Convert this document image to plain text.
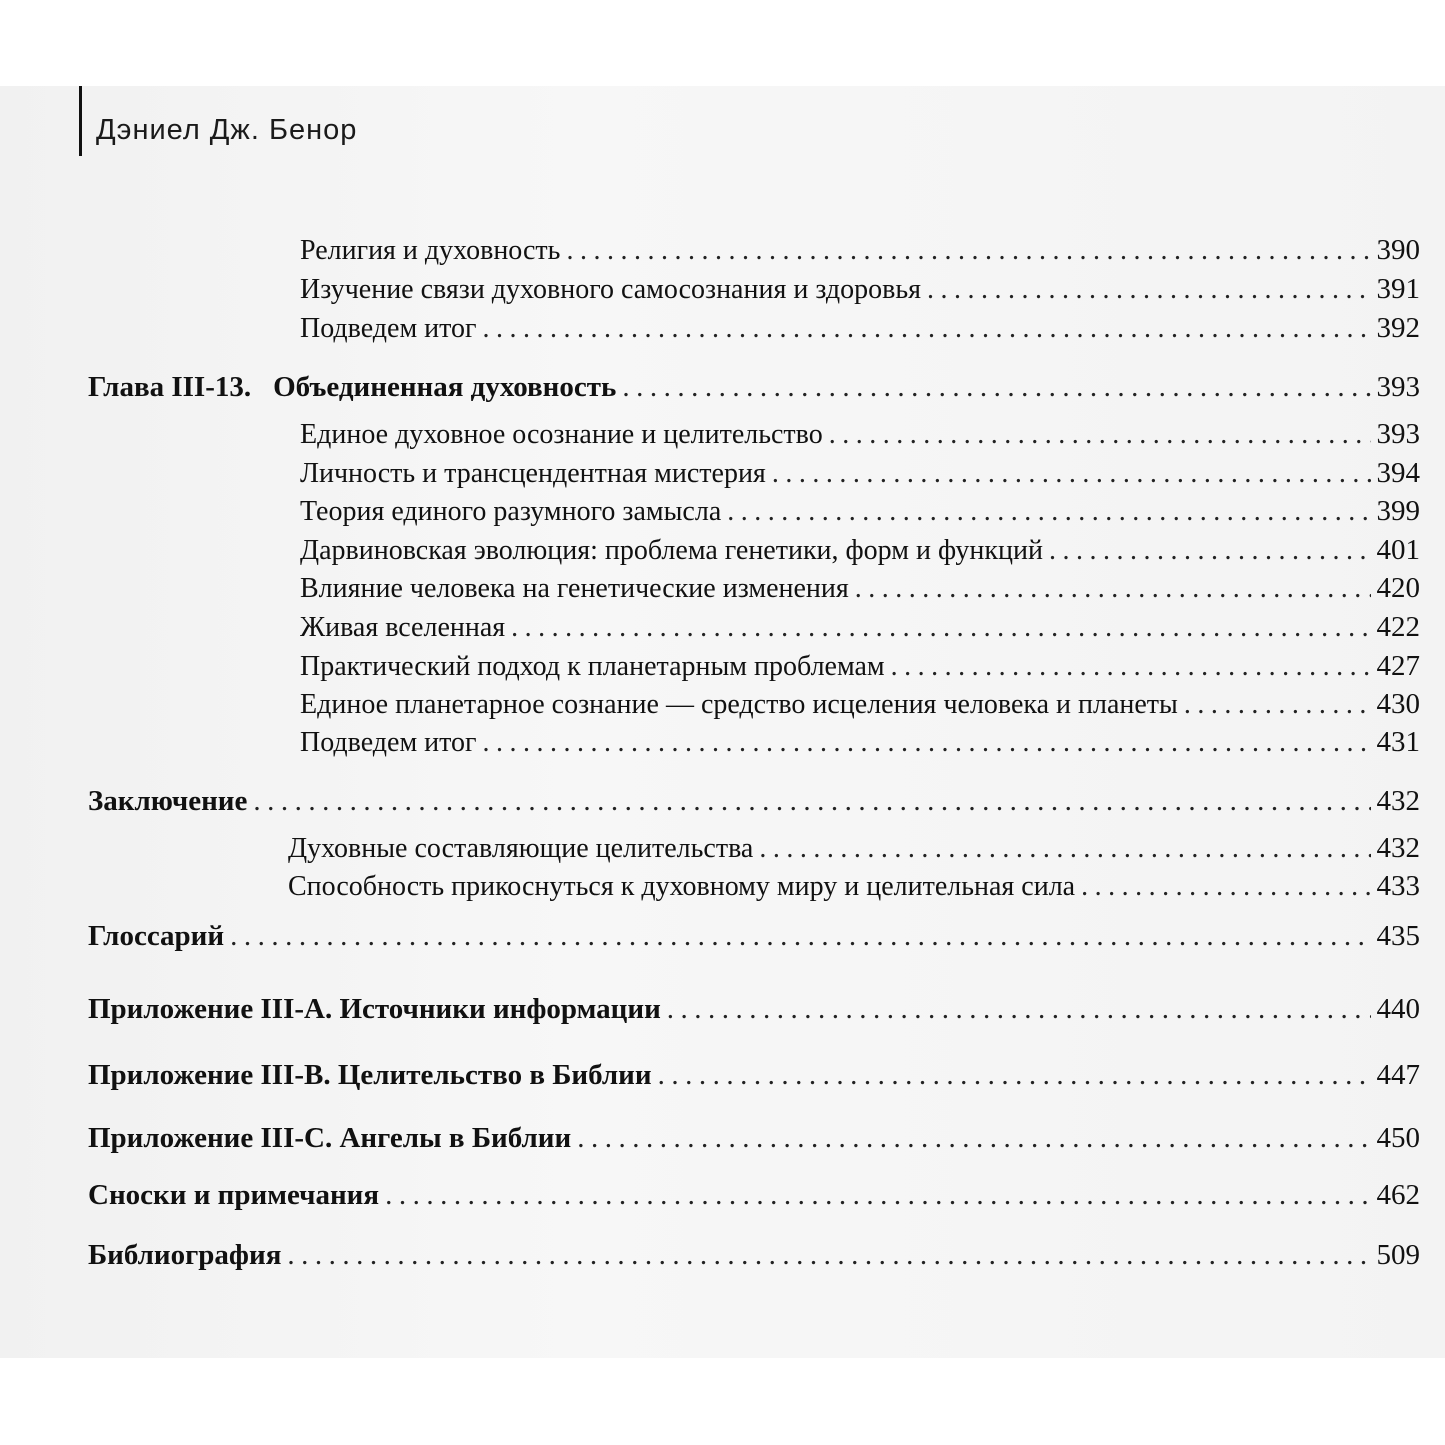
Дэниел Дж. Бенор
Религия и духовность .....	390
Изучение связи духовного самосознания и здоровья .....	391
Подведем итог .....	392
Глава III-13. Объединенная духовность .....	393
Единое духовное осознание и целительство .....	393
Личность и трансцендентная мистерия .....	394
Теория единого разумного замысла .....	399
Дарвиновская эволюция: проблема генетики, форм и функций .....	401
Влияние человека на генетические изменения .....	420
Живая вселенная .....	422
Практический подход к планетарным проблемам .....	427
Единое планетарное сознание — средство исцеления человека и планеты .....	430
Подведем итог .....	431
Заключение .....	432
Духовные составляющие целительства .....	432
Способность прикоснуться к духовному миру и целительная сила .....	433
Глоссарий .....	435
Приложение III-A. Источники информации .....	440
Приложение III-B. Целительство в Библии .....	447
Приложение III-C. Ангелы в Библии .....	450
Сноски и примечания .....	462
Библиография .....	509
